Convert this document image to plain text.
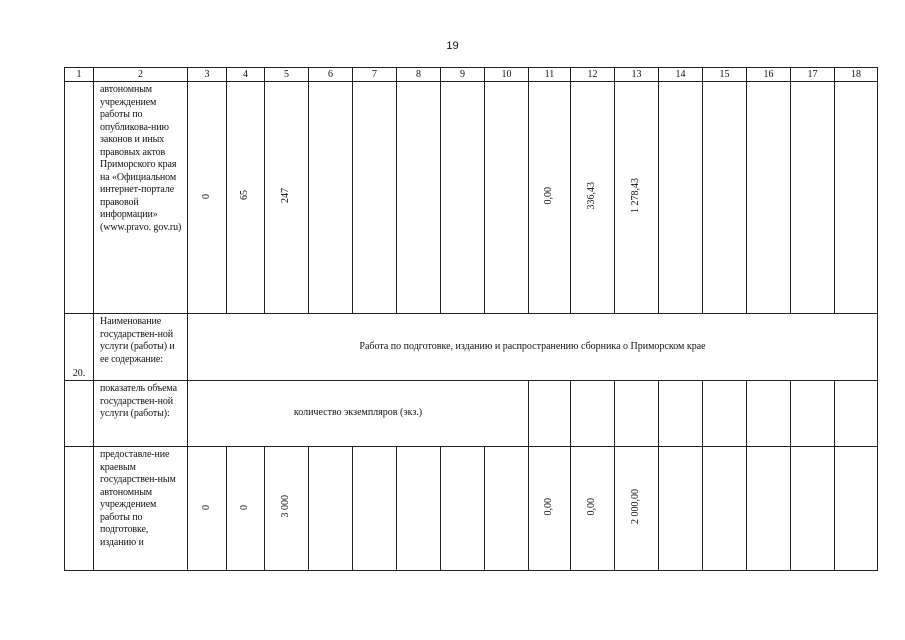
19
1	2	3	4	5	6	7	8	9	10	11	12	13	14	15	16	17	18
	автономным учреждением работы по опубликова-нию законов и иных правовых актов Приморского края на «Официальном интернет-портале правовой информации» (www.pravo. gov.ru)	0	65	247						0,00	336,43	1 278,43					
20.	Наименование государствен-ной услуги (работы) и ее содержание:	Работа по подготовке, изданию и распространению сборника о Приморском крае															
	показатель объема государствен-ной услуги (работы):	количество экземпляров (экз.)															
	предоставле-ние краевым государствен-ным автономным учреждением работы по подготовке, изданию и	0	0	3 000						0,00	0,00	2 000,00					
